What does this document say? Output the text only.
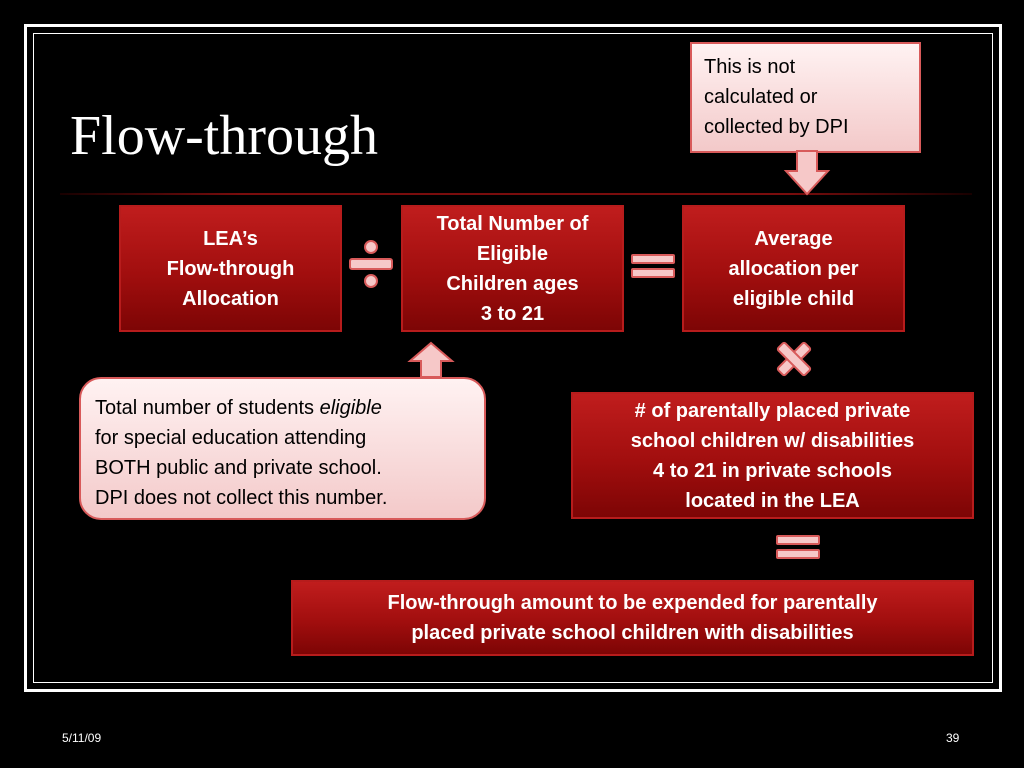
Flow-through
This is not
calculated or
collected by DPI
LEA’s
Flow-through
Allocation
Total Number of
Eligible
Children ages
3 to 21
Average
allocation per
eligible child
Total number of students eligible
for special education attending
BOTH public and private school.
DPI does not collect this number.
# of parentally placed private
school children w/ disabilities
4 to 21 in private schools
located in the LEA
Flow-through amount to be expended for parentally
placed private school children with disabilities
5/11/09	39
